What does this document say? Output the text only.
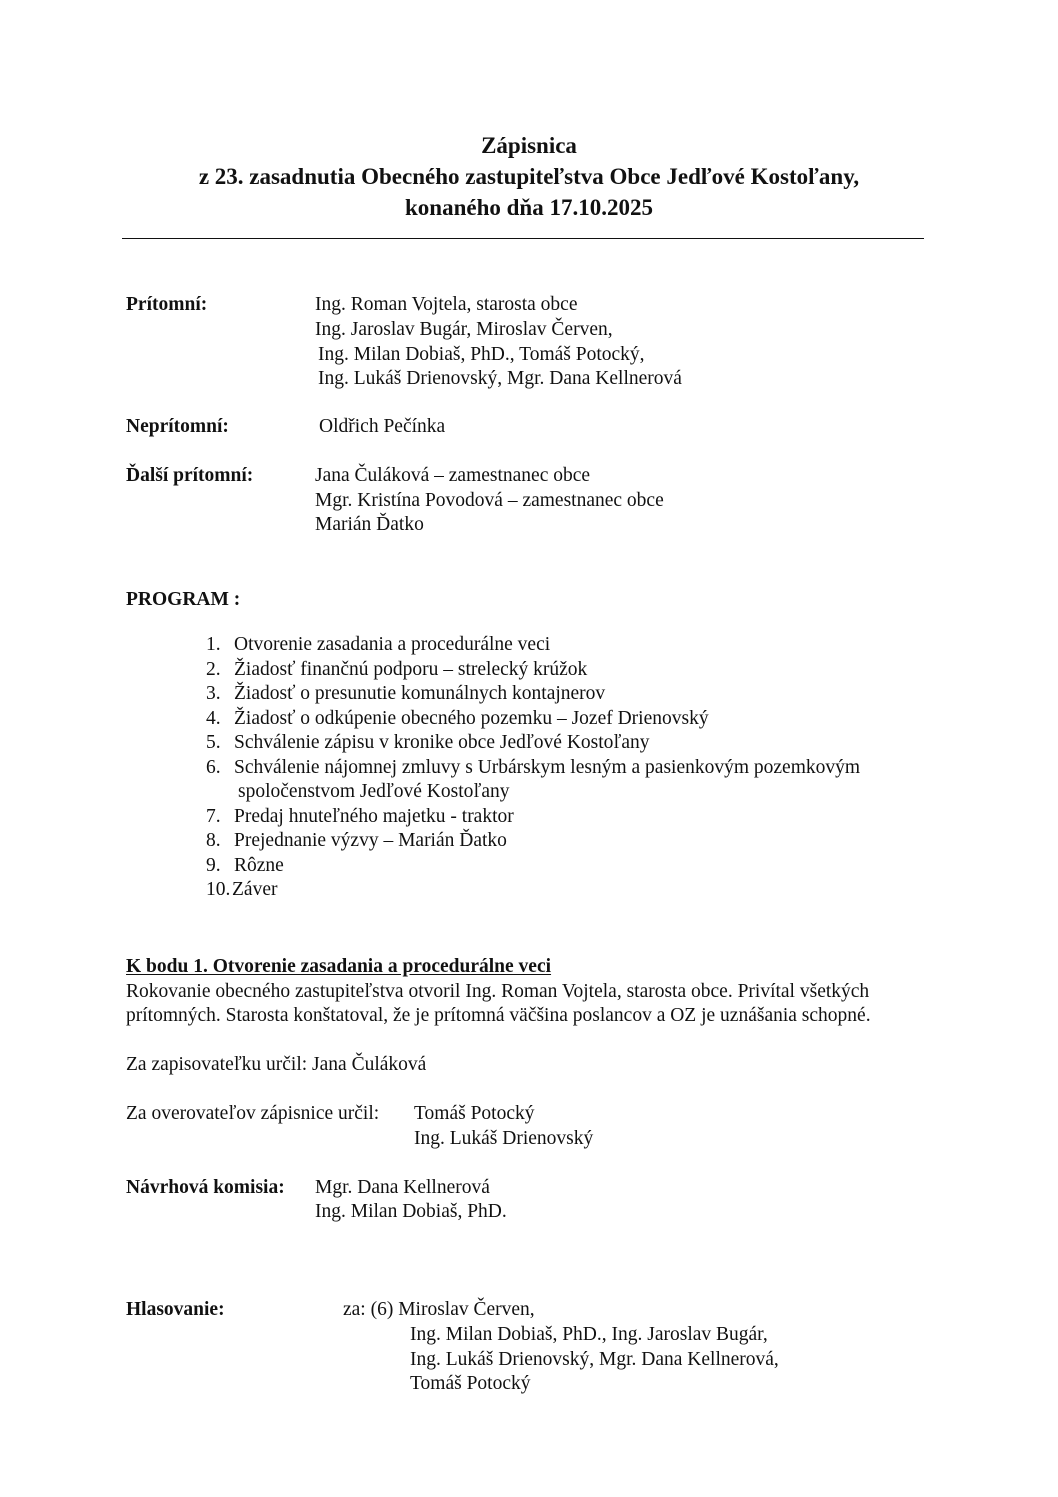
Zápisnica
z 23. zasadnutia Obecného zastupiteľstva Obce Jedľové Kostoľany,
konaného dňa 17.10.2025
Prítomní:	Ing. Roman Vojtela, starosta obce
Ing. Jaroslav Bugár, Miroslav Červen,
Ing. Milan Dobiaš, PhD., Tomáš Potocký,
Ing. Lukáš Drienovský, Mgr. Dana Kellnerová
Neprítomní:	Oldřich Pečínka
Ďalší prítomní:	Jana Čuláková – zamestnanec obce
Mgr. Kristína Povodová – zamestnanec obce
Marián Ďatko
PROGRAM :
1. Otvorenie zasadania a procedurálne veci
2. Žiadosť finančnú podporu – strelecký krúžok
3. Žiadosť o presunutie komunálnych kontajnerov
4. Žiadosť o odkúpenie obecného pozemku – Jozef Drienovský
5. Schválenie zápisu v kronike obce Jedľové Kostoľany
6. Schválenie nájomnej zmluvy s Urbárskym lesným a pasienkovým pozemkovým
spoločenstvom Jedľové Kostoľany
7. Predaj hnuteľného majetku - traktor
8. Prejednanie výzvy – Marián Ďatko
9. Rôzne
10. Záver
K bodu 1. Otvorenie zasadania a procedurálne veci
Rokovanie obecného zastupiteľstva otvoril Ing. Roman Vojtela, starosta obce. Privítal všetkých
prítomných. Starosta konštatoval, že je prítomná väčšina poslancov a OZ je uznášania schopné.
Za zapisovateľku určil: Jana Čuláková
Za overovateľov zápisnice určil: Tomáš Potocký
Ing. Lukáš Drienovský
Návrhová komisia: Mgr. Dana Kellnerová
Ing. Milan Dobiaš, PhD.
Hlasovanie:	za: (6) Miroslav Červen,
Ing. Milan Dobiaš, PhD., Ing. Jaroslav Bugár,
Ing. Lukáš Drienovský, Mgr. Dana Kellnerová,
Tomáš Potocký
